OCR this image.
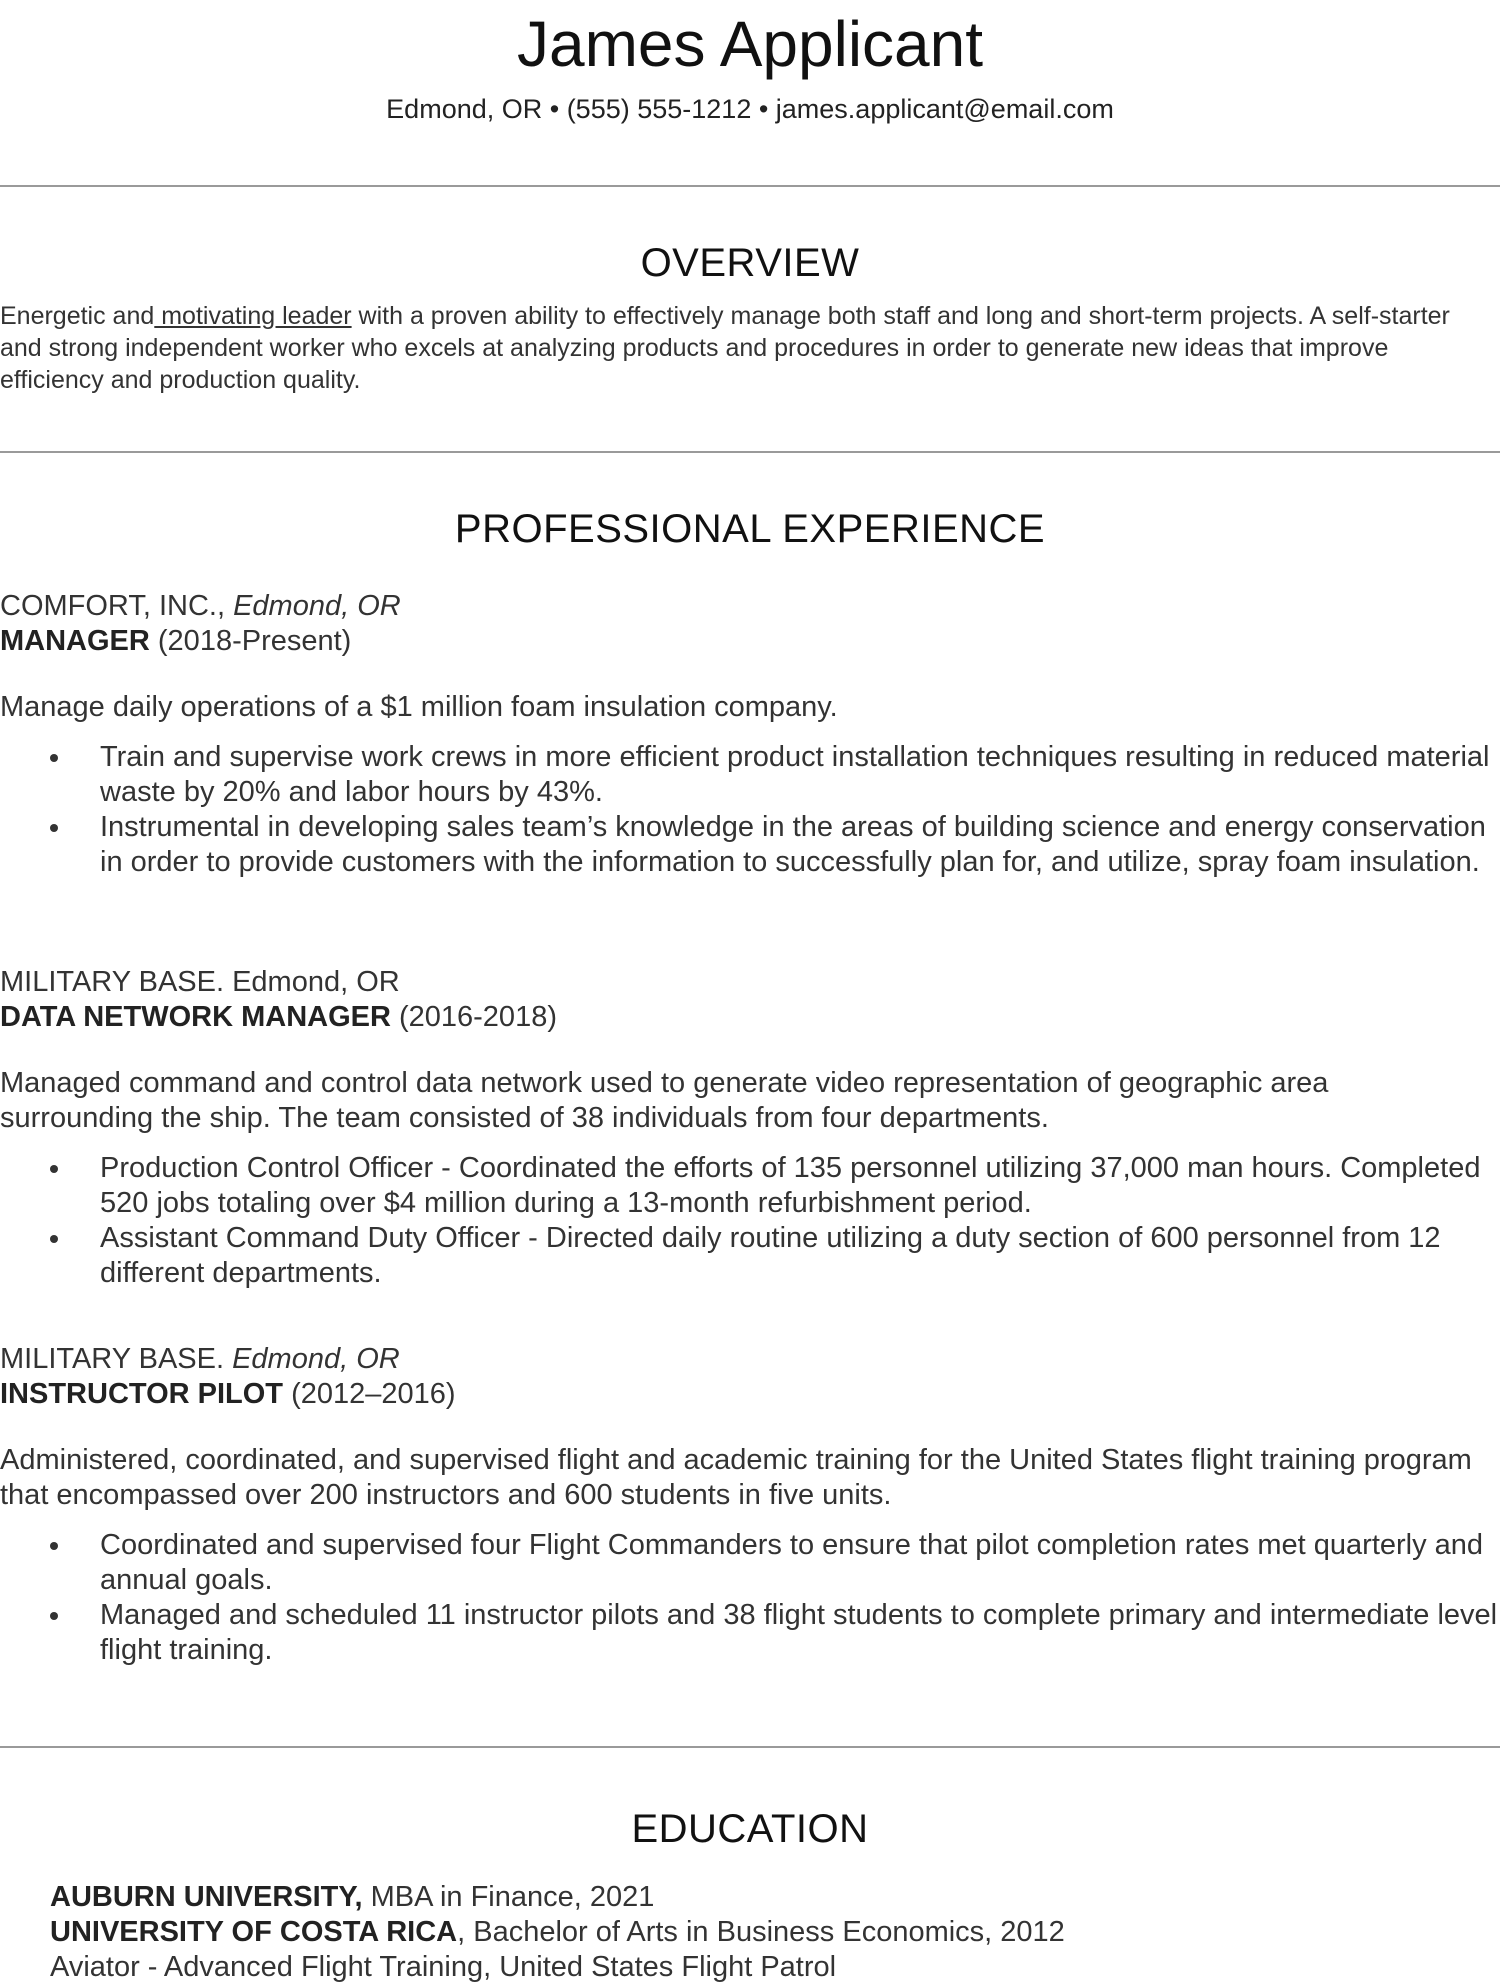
James Applicant
Edmond, OR • (555) 555-1212 • james.applicant@email.com
OVERVIEW
Energetic and motivating leader with a proven ability to effectively manage both staff and long and short-term projects. A self-starter and strong independent worker who excels at analyzing products and procedures in order to generate new ideas that improve efficiency and production quality.
PROFESSIONAL EXPERIENCE
COMFORT, INC., Edmond, OR
MANAGER (2018-Present)
Manage daily operations of a $1 million foam insulation company.
Train and supervise work crews in more efficient product installation techniques resulting in reduced material waste by 20% and labor hours by 43%.
Instrumental in developing sales team’s knowledge in the areas of building science and energy conservation in order to provide customers with the information to successfully plan for, and utilize, spray foam insulation.
MILITARY BASE. Edmond, OR
DATA NETWORK MANAGER (2016-2018)
Managed command and control data network used to generate video representation of geographic area surrounding the ship. The team consisted of 38 individuals from four departments.
Production Control Officer - Coordinated the efforts of 135 personnel utilizing 37,000 man hours. Completed 520 jobs totaling over $4 million during a 13-month refurbishment period.
Assistant Command Duty Officer - Directed daily routine utilizing a duty section of 600 personnel from 12 different departments.
MILITARY BASE. Edmond, OR
INSTRUCTOR PILOT (2012–2016)
Administered, coordinated, and supervised flight and academic training for the United States flight training program that encompassed over 200 instructors and 600 students in five units.
Coordinated and supervised four Flight Commanders to ensure that pilot completion rates met quarterly and annual goals.
Managed and scheduled 11 instructor pilots and 38 flight students to complete primary and intermediate level flight training.
EDUCATION
AUBURN UNIVERSITY, MBA in Finance, 2021
UNIVERSITY OF COSTA RICA, Bachelor of Arts in Business Economics, 2012
Aviator - Advanced Flight Training, United States Flight Patrol
